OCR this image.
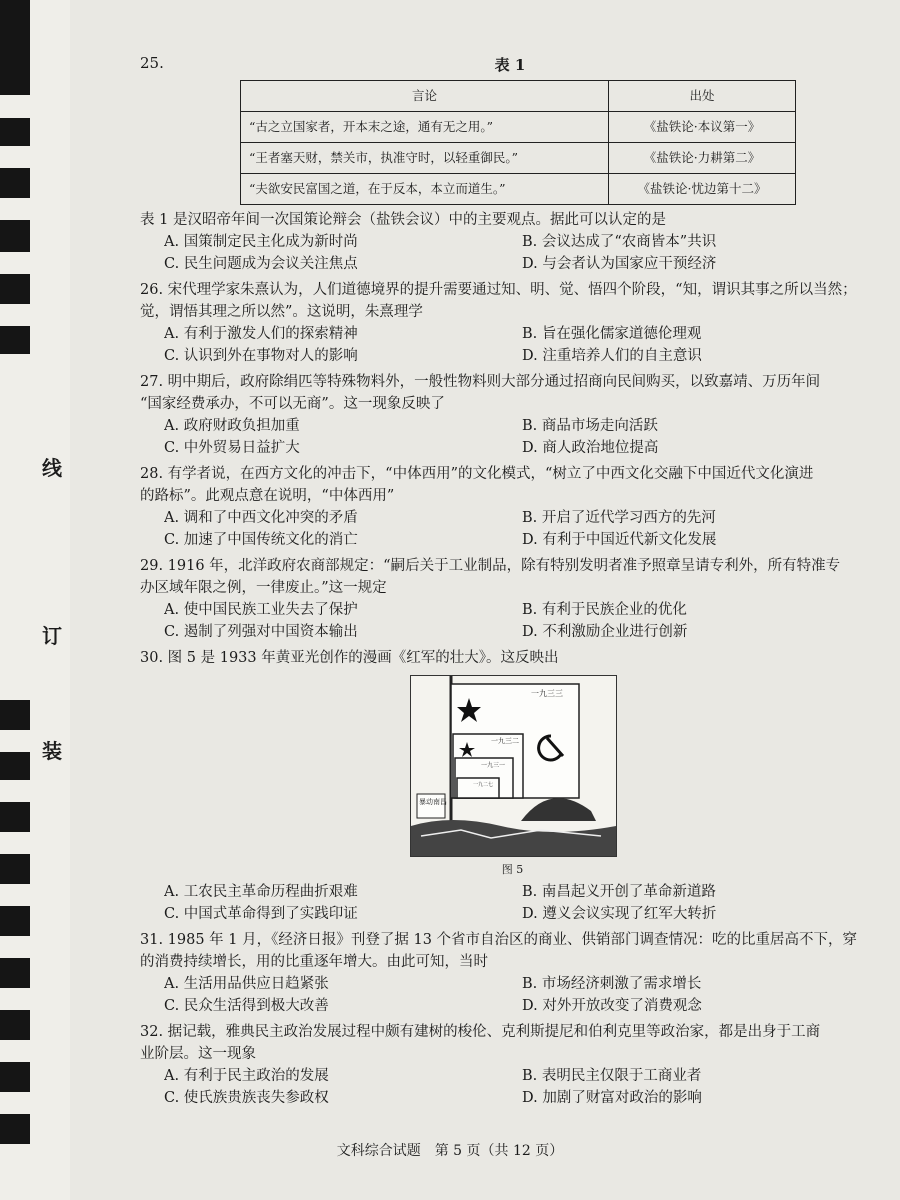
线
订
装
25.	表 1
言论	出处
“古之立国家者，开本末之途，通有无之用。”	《盐铁论·本议第一》
“王者塞天财，禁关市，执准守时，以轻重御民。”	《盐铁论·力耕第二》
“夫欲安民富国之道，在于反本，本立而道生。”	《盐铁论·忧边第十二》

表 1 是汉昭帝年间一次国策论辩会（盐铁会议）中的主要观点。据此可以认定的是

A. 国策制定民主化成为新时尚	B. 会议达成了“农商皆本”共识
C. 民生问题成为会议关注焦点	D. 与会者认为国家应干预经济

26. 宋代理学家朱熹认为，人们道德境界的提升需要通过知、明、觉、悟四个阶段，“知，谓识其事之所以当然；

觉，谓悟其理之所以然”。这说明，朱熹理学

A. 有利于激发人们的探索精神	B. 旨在强化儒家道德伦理观
C. 认识到外在事物对人的影响	D. 注重培养人们的自主意识

27. 明中期后，政府除绢匹等特殊物料外，一般性物料则大部分通过招商向民间购买，以致嘉靖、万历年间

“国家经费承办，不可以无商”。这一现象反映了

A. 政府财政负担加重	B. 商品市场走向活跃
C. 中外贸易日益扩大	D. 商人政治地位提高

28. 有学者说，在西方文化的冲击下，“中体西用”的文化模式，“树立了中西文化交融下中国近代文化演进

的路标”。此观点意在说明，“中体西用”

A. 调和了中西文化冲突的矛盾	B. 开启了近代学习西方的先河
C. 加速了中国传统文化的消亡	D. 有利于中国近代新文化发展

29. 1916 年，北洋政府农商部规定：“嗣后关于工业制品，除有特别发明者准予照章呈请专利外，所有特准专

办区域年限之例，一律废止。”这一规定

A. 使中国民族工业失去了保护	B. 有利于民族企业的优化
C. 遏制了列强对中国资本输出	D. 不利激励企业进行创新

30. 图 5 是 1933 年黄亚光创作的漫画《红军的壮大》。这反映出

一九三三
一九三二
一九三一
一九二七
暴动南昌
图 5
A. 工农民主革命历程曲折艰难	B. 南昌起义开创了革命新道路
C. 中国式革命得到了实践印证	D. 遵义会议实现了红军大转折

31. 1985 年 1 月，《经济日报》刊登了据 13 个省市自治区的商业、供销部门调查情况：吃的比重居高不下，穿

的消费持续增长，用的比重逐年增大。由此可知，当时

A. 生活用品供应日趋紧张	B. 市场经济刺激了需求增长
C. 民众生活得到极大改善	D. 对外开放改变了消费观念

32. 据记载，雅典民主政治发展过程中颇有建树的梭伦、克利斯提尼和伯利克里等政治家，都是出身于工商

业阶层。这一现象

A. 有利于民主政治的发展	B. 表明民主仅限于工商业者
C. 使氏族贵族丧失参政权	D. 加剧了财富对政治的影响
文科综合试题　第 5 页（共 12 页）
